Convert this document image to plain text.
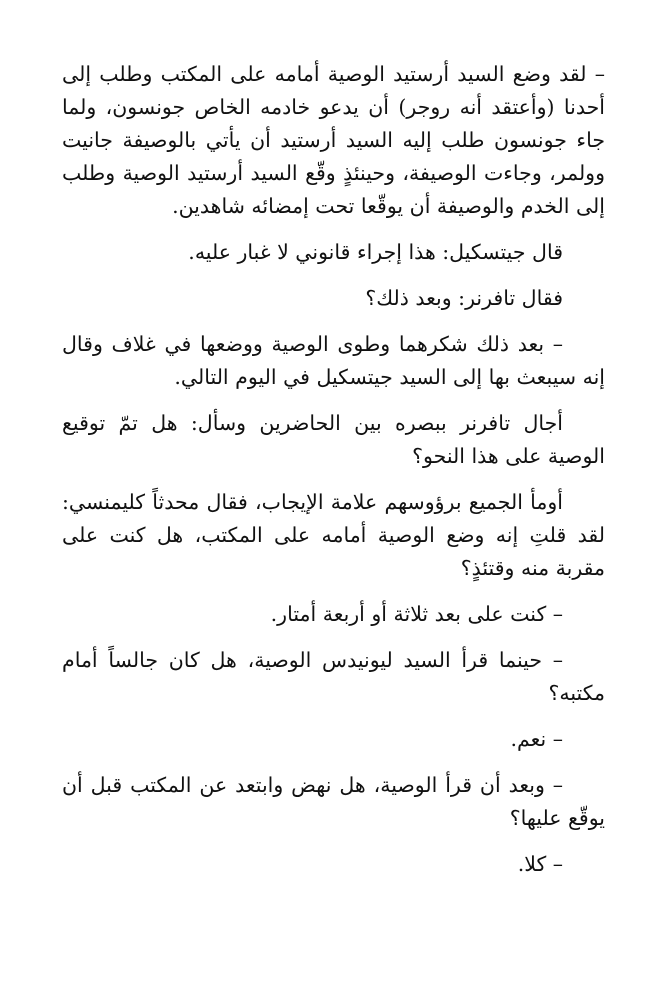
– لقد وضع السيد أرستيد الوصية أمامه على المكتب وطلب إلى أحدنا (وأعتقد أنه روجر) أن يدعو خادمه الخاص جونسون، ولما جاء جونسون طلب إليه السيد أرستيد أن يأتي بالوصيفة جانيت وولمر، وجاءت الوصيفة، وحينئذٍ وقّع السيد أرستيد الوصية وطلب إلى الخدم والوصيفة أن يوقّعا تحت إمضائه شاهدين.

قال جيتسكيل: هذا إجراء قانوني لا غبار عليه.

فقال تافرنر: وبعد ذلك؟

– بعد ذلك شكرهما وطوى الوصية ووضعها في غلاف وقال إنه سيبعث بها إلى السيد جيتسكيل في اليوم التالي.

أجال تافرنر ببصره بين الحاضرين وسأل: هل تمّ توقيع الوصية على هذا النحو؟

أومأ الجميع برؤوسهم علامة الإيجاب، فقال محدثاً كليمنسي: لقد قلتِ إنه وضع الوصية أمامه على المكتب، هل كنت على مقربة منه وقتئذٍ؟

– كنت على بعد ثلاثة أو أربعة أمتار.

– حينما قرأ السيد ليونيدس الوصية، هل كان جالساً أمام مكتبه؟

– نعم.

– وبعد أن قرأ الوصية، هل نهض وابتعد عن المكتب قبل أن يوقّع عليها؟

– كلا.
